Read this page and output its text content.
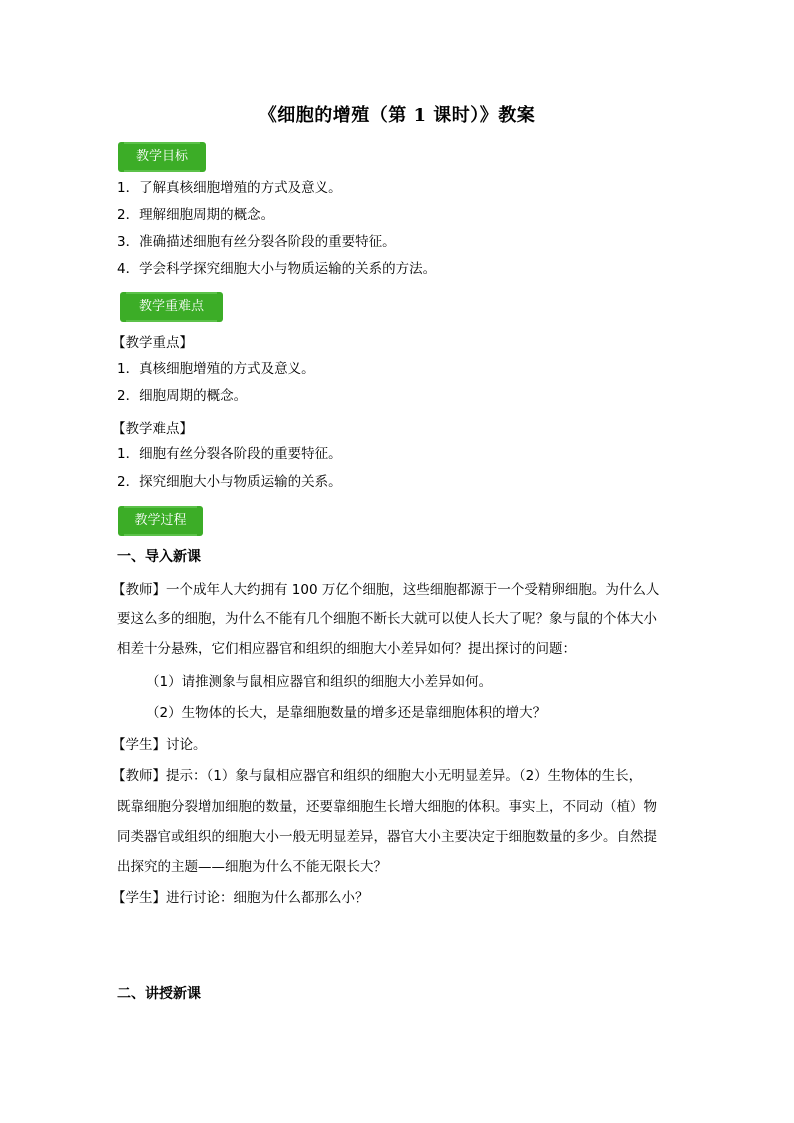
《细胞的增殖（第 1 课时）》教案
教学目标
1．了解真核细胞增殖的方式及意义。
2．理解细胞周期的概念。
3．准确描述细胞有丝分裂各阶段的重要特征。
4．学会科学探究细胞大小与物质运输的关系的方法。
教学重难点
【教学重点】
1．真核细胞增殖的方式及意义。
2．细胞周期的概念。
【教学难点】
1．细胞有丝分裂各阶段的重要特征。
2．探究细胞大小与物质运输的关系。
教学过程
一、导入新课
【教师】一个成年人大约拥有 100 万亿个细胞，这些细胞都源于一个受精卵细胞。为什么人
要这么多的细胞，为什么不能有几个细胞不断长大就可以使人长大了呢？象与鼠的个体大小
相差十分悬殊，它们相应器官和组织的细胞大小差异如何？提出探讨的问题：
（1）请推测象与鼠相应器官和组织的细胞大小差异如何。
（2）生物体的长大，是靠细胞数量的增多还是靠细胞体积的增大？
【学生】讨论。
【教师】提示：（1）象与鼠相应器官和组织的细胞大小无明显差异。（2）生物体的生长，
既靠细胞分裂增加细胞的数量，还要靠细胞生长增大细胞的体积。事实上，不同动（植）物
同类器官或组织的细胞大小一般无明显差异，器官大小主要决定于细胞数量的多少。自然提
出探究的主题——细胞为什么不能无限长大？
【学生】进行讨论：细胞为什么都那么小？
二、讲授新课
